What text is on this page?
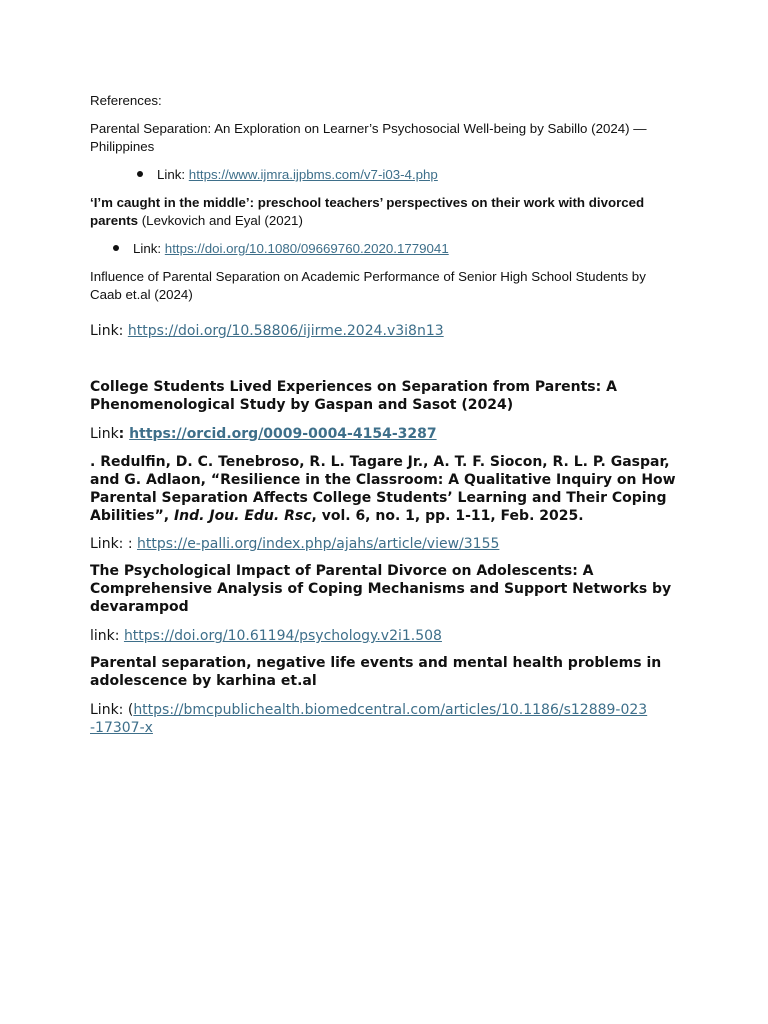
References:

Parental Separation: An Exploration on Learner’s Psychosocial Well-being by Sabillo (2024) — Philippines

Link: https://www.ijmra.ijpbms.com/v7-i03-4.php

‘I’m caught in the middle’: preschool teachers’ perspectives on their work with divorced parents (Levkovich and Eyal (2021)

Link: https://doi.org/10.1080/09669760.2020.1779041

Influence of Parental Separation on Academic Performance of Senior High School Students by Caab et.al (2024)

Link: https://doi.org/10.58806/ijirme.2024.v3i8n13

College Students Lived Experiences on Separation from Parents: A Phenomenological Study by Gaspan and Sasot (2024)

Link: https://orcid.org/0009-0004-4154-3287

. Redulfin, D. C. Tenebroso, R. L. Tagare Jr., A. T. F. Siocon, R. L. P. Gaspar, and G. Adlaon, “Resilience in the Classroom: A Qualitative Inquiry on How Parental Separation Affects College Students’ Learning and Their Coping Abilities”, Ind. Jou. Edu. Rsc, vol. 6, no. 1, pp. 1-11, Feb. 2025.

Link: : https://e-palli.org/index.php/ajahs/article/view/3155

The Psychological Impact of Parental Divorce on Adolescents: A Comprehensive Analysis of Coping Mechanisms and Support Networks by devarampod

link: https://doi.org/10.61194/psychology.v2i1.508

Parental separation, negative life events and mental health problems in adolescence by karhina et.al

Link: (https://bmcpublichealth.biomedcentral.com/articles/10.1186/s12889-023-17307-x
